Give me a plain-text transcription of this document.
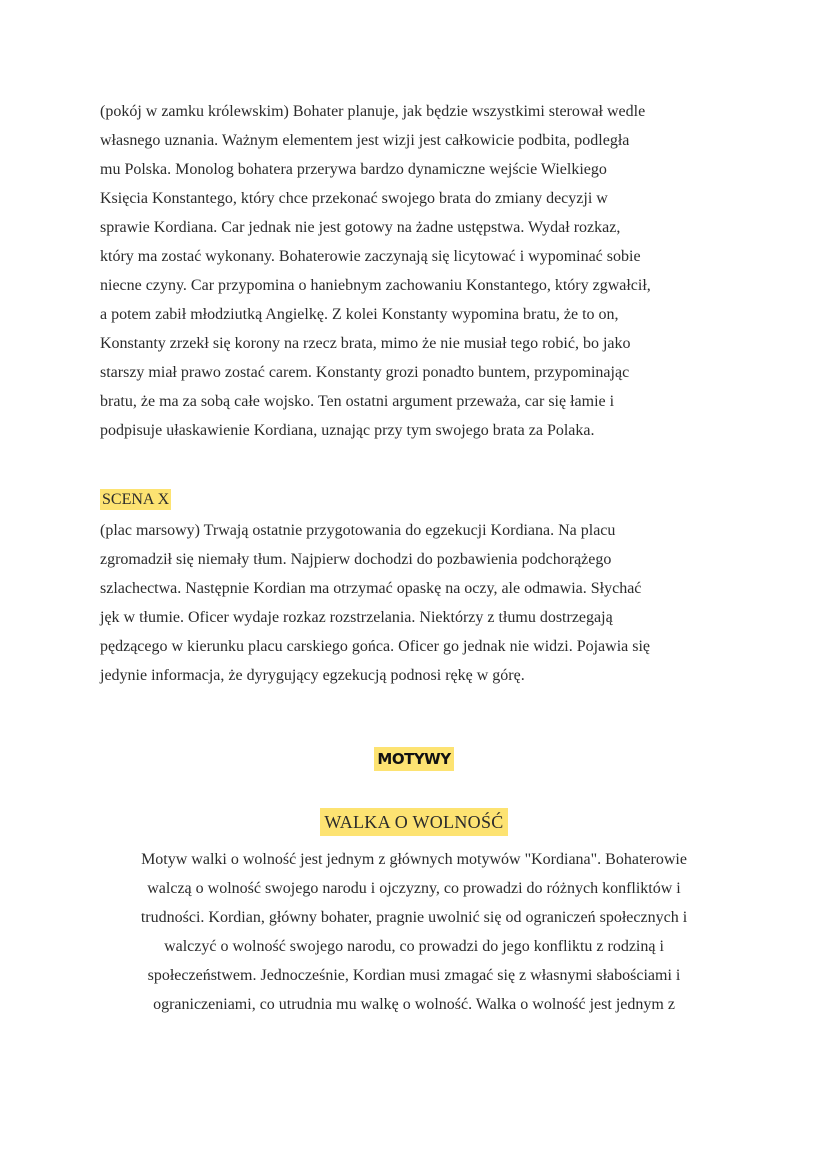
(pokój w zamku królewskim) Bohater planuje, jak będzie wszystkimi sterował wedle
własnego uznania. Ważnym elementem jest wizji jest całkowicie podbita, podległa
mu Polska. Monolog bohatera przerywa bardzo dynamiczne wejście Wielkiego
Księcia Konstantego, który chce przekonać swojego brata do zmiany decyzji w
sprawie Kordiana. Car jednak nie jest gotowy na żadne ustępstwa. Wydał rozkaz,
który ma zostać wykonany. Bohaterowie zaczynają się licytować i wypominać sobie
niecne czyny. Car przypomina o haniebnym zachowaniu Konstantego, który zgwałcił,
a potem zabił młodziutką Angielkę. Z kolei Konstanty wypomina bratu, że to on,
Konstanty zrzekł się korony na rzecz brata, mimo że nie musiał tego robić, bo jako
starszy miał prawo zostać carem. Konstanty grozi ponadto buntem, przypominając
bratu, że ma za sobą całe wojsko. Ten ostatni argument przeważa, car się łamie i
podpisuje ułaskawienie Kordiana, uznając przy tym swojego brata za Polaka.
SCENA X
(plac marsowy) Trwają ostatnie przygotowania do egzekucji Kordiana. Na placu
zgromadził się niemały tłum. Najpierw dochodzi do pozbawienia podchorążego
szlachectwa. Następnie Kordian ma otrzymać opaskę na oczy, ale odmawia. Słychać
jęk w tłumie. Oficer wydaje rozkaz rozstrzelania. Niektórzy z tłumu dostrzegają
pędzącego w kierunku placu carskiego gońca. Oficer go jednak nie widzi. Pojawia się
jedynie informacja, że dyrygujący egzekucją podnosi rękę w górę.
MOTYWY
WALKA O WOLNOŚĆ
Motyw walki o wolność jest jednym z głównych motywów "Kordiana". Bohaterowie
walczą o wolność swojego narodu i ojczyzny, co prowadzi do różnych konfliktów i
trudności. Kordian, główny bohater, pragnie uwolnić się od ograniczeń społecznych i
walczyć o wolność swojego narodu, co prowadzi do jego konfliktu z rodziną i
społeczeństwem. Jednocześnie, Kordian musi zmagać się z własnymi słabościami i
ograniczeniami, co utrudnia mu walkę o wolność. Walka o wolność jest jednym z
